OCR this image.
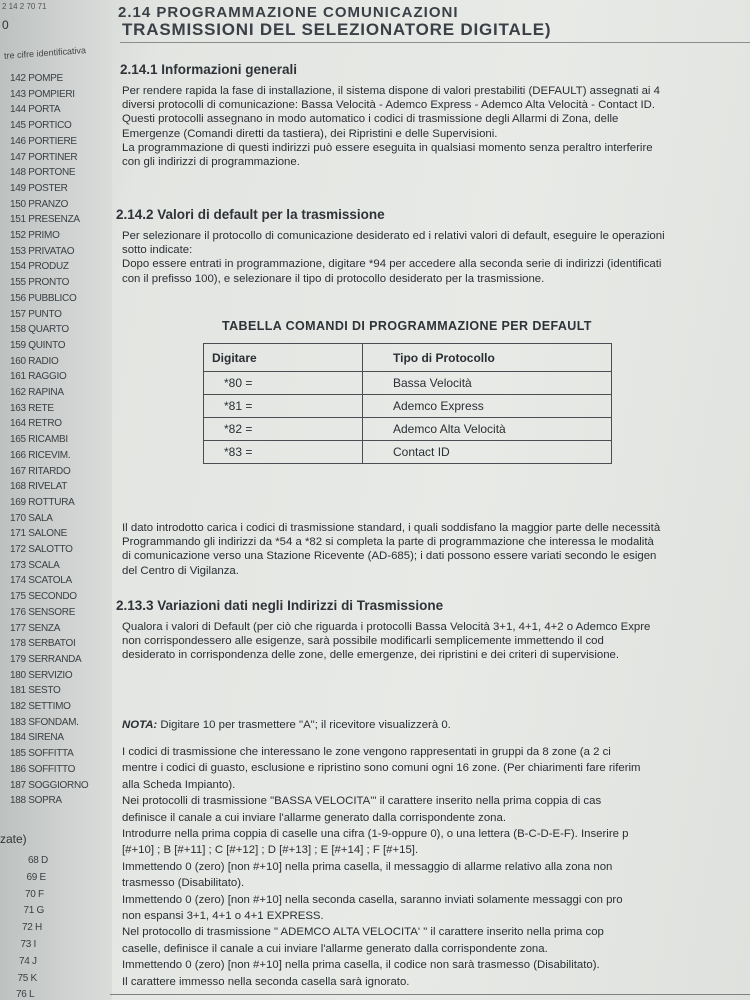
142 POMPE
143 POMPIERI
144 PORTA
145 PORTICO
146 PORTIERE
147 PORTINER
148 PORTONE
149 POSTER
150 PRANZO
151 PRESENZA
152 PRIMO
153 PRIVATAO
154 PRODUZ
155 PRONTO
156 PUBBLICO
157 PUNTO
158 QUARTO
159 QUINTO
160 RADIO
161 RAGGIO
162 RAPINA
163 RETE
164 RETRO
165 RICAMBI
166 RICEVIM.
167 RITARDO
168 RIVELAT
169 ROTTURA
170 SALA
171 SALONE
172 SALOTTO
173 SCALA
174 SCATOLA
175 SECONDO
176 SENSORE
177 SENZA
178 SERBATOI
179 SERRANDA
180 SERVIZIO
181 SESTO
182 SETTIMO
183 SFONDAM.
184 SIRENA
185 SOFFITTA
186 SOFFITTO
187 SOGGIORNO
188 SOPRA
68 D
69 E
70 F
71 G
72 H
73 I
74 J
75 K
76 L
2 14 2 70 71
0
tre cifre identificativa
zate)
2.14 PROGRAMMAZIONE COMUNICAZIONI
TRASMISSIONI DEL SELEZIONATORE DIGITALE)
2.14.1 Informazioni generali

Per rendere rapida la fase di installazione, il sistema dispone di valori prestabiliti (DEFAULT) assegnati ai 4

diversi protocolli di comunicazione: Bassa Velocità - Ademco Express - Ademco Alta Velocità - Contact ID.

Questi protocolli assegnano in modo automatico i codici di trasmissione degli Allarmi di Zona, delle

Emergenze (Comandi diretti da tastiera), dei Ripristini e delle Supervisioni.

La programmazione di questi indirizzi può essere eseguita in qualsiasi momento senza peraltro interferire

con gli indirizzi di programmazione.

2.14.2 Valori di default per la trasmissione

Per selezionare il protocollo di comunicazione desiderato ed i relativi valori di default, eseguire le operazioni

sotto indicate:

Dopo essere entrati in programmazione, digitare *94 per accedere alla seconda serie di indirizzi (identificati

con il prefisso 100), e selezionare il tipo di protocollo desiderato per la trasmissione.

TABELLA COMANDI DI PROGRAMMAZIONE PER DEFAULT
Digitare	Tipo di Protocollo
*80 =	Bassa Velocità
*81 =	Ademco Express
*82 =	Ademco Alta Velocità
*83 =	Contact ID

Il dato introdotto carica i codici di trasmissione standard, i quali soddisfano la maggior parte delle necessità

Programmando gli indirizzi da *54 a *82 si completa la parte di programmazione che interessa le modalità

di comunicazione verso una Stazione Ricevente (AD-685); i dati possono essere variati secondo le esigen

del Centro di Vigilanza.

2.13.3 Variazioni dati negli Indirizzi di Trasmissione

Qualora i valori di Default (per ciò che riguarda i protocolli Bassa Velocità 3+1, 4+1, 4+2 o Ademco Expre

non corrispondessero alle esigenze, sarà possibile modificarli semplicemente immettendo il cod

desiderato in corrispondenza delle zone, delle emergenze, dei ripristini e dei criteri di supervisione.

NOTA: Digitare 10 per trasmettere "A"; il ricevitore visualizzerà 0.

I codici di trasmissione che interessano le zone vengono rappresentati in gruppi da 8 zone (a 2 ci

mentre i codici di guasto, esclusione e ripristino sono comuni ogni 16 zone. (Per chiarimenti fare riferim

alla Scheda Impianto).

Nei protocolli di trasmissione "BASSA VELOCITA'" il carattere inserito nella prima coppia di cas

definisce il canale a cui inviare l'allarme generato dalla corrispondente zona.

Introdurre nella prima coppia di caselle una cifra (1-9-oppure 0), o una lettera (B-C-D-E-F). Inserire p

[#+10] ; B [#+11] ; C [#+12] ; D [#+13] ; E [#+14] ; F [#+15].

Immettendo 0 (zero) [non #+10] nella prima casella, il messaggio di allarme relativo alla zona non

trasmesso (Disabilitato).

Immettendo 0 (zero) [non #+10] nella seconda casella, saranno inviati solamente messaggi con pro

non espansi 3+1, 4+1 o 4+1 EXPRESS.

Nel protocollo di trasmissione " ADEMCO ALTA VELOCITA' " il carattere inserito nella prima cop

caselle, definisce il canale a cui inviare l'allarme generato dalla corrispondente zona.

Immettendo 0 (zero) [non #+10] nella prima casella, il codice non sarà trasmesso (Disabilitato).

Il carattere immesso nella seconda casella sarà ignorato.
